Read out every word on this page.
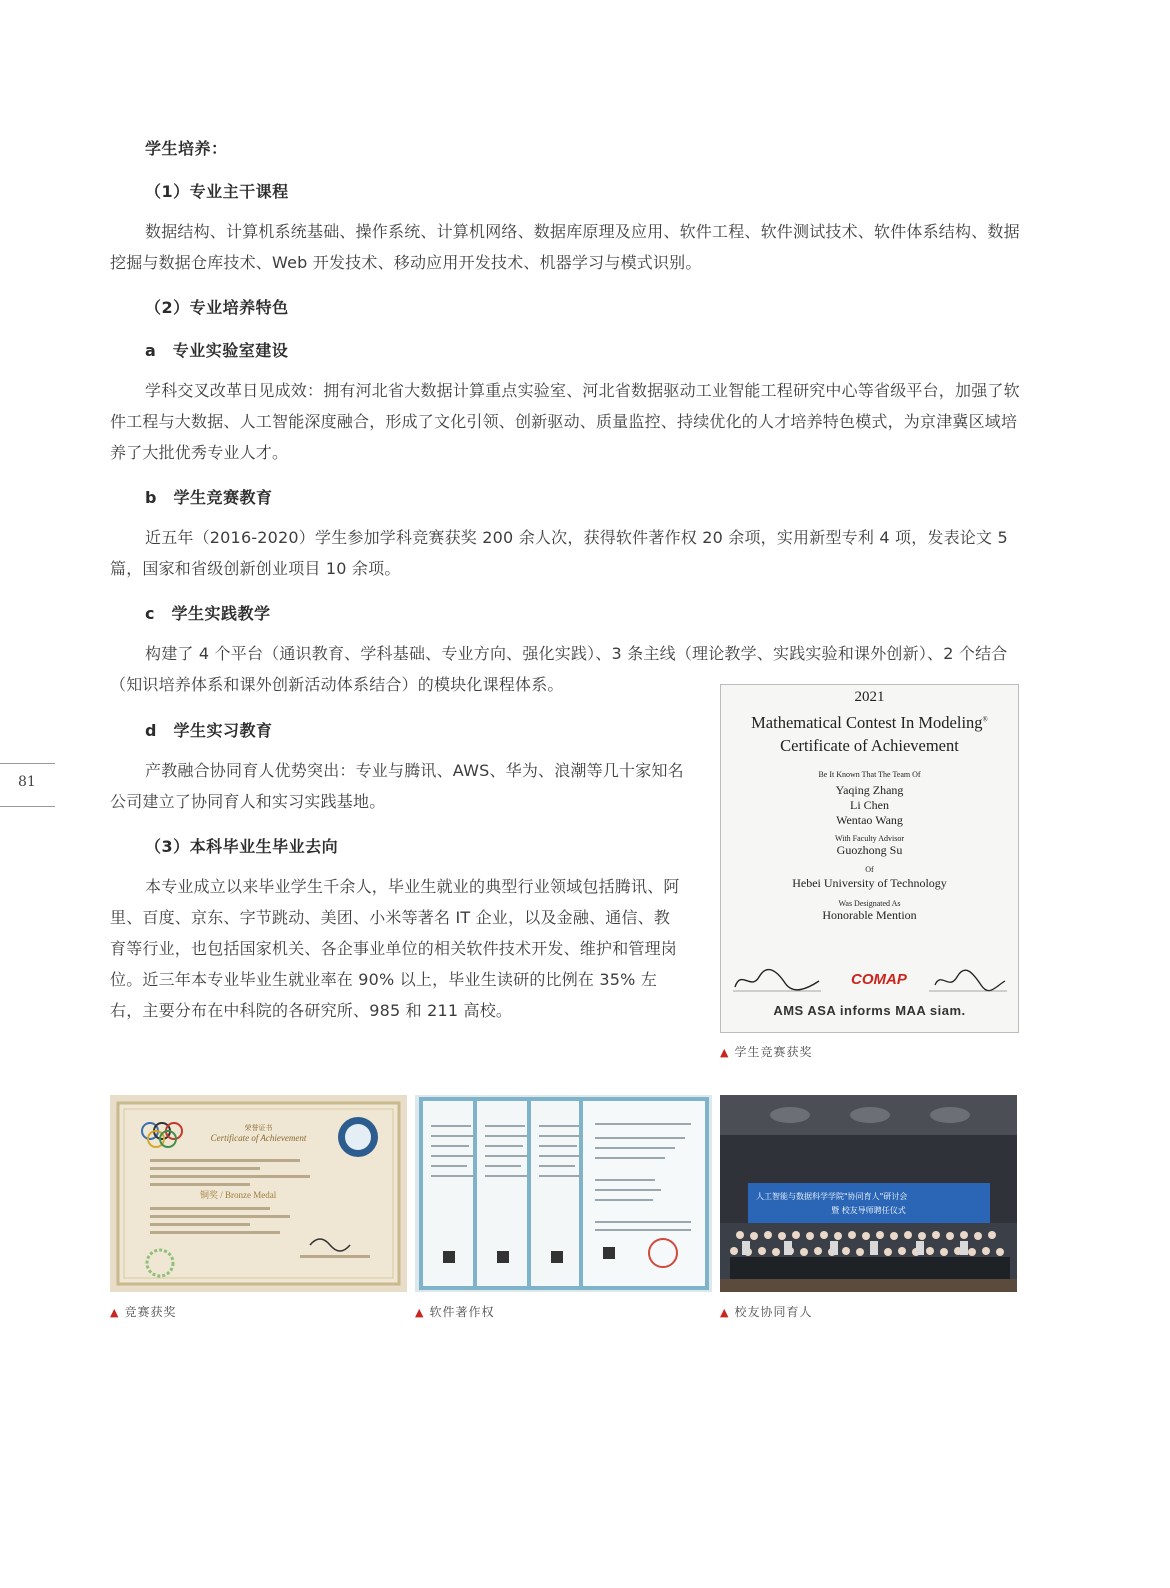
81
学生培养：
（1）专业主干课程
数据结构、计算机系统基础、操作系统、计算机网络、数据库原理及应用、软件工程、软件测试技术、软件体系结构、数据挖掘与数据仓库技术、Web 开发技术、移动应用开发技术、机器学习与模式识别。
（2）专业培养特色
a　专业实验室建设
学科交叉改革日见成效：拥有河北省大数据计算重点实验室、河北省数据驱动工业智能工程研究中心等省级平台，加强了软件工程与大数据、人工智能深度融合，形成了文化引领、创新驱动、质量监控、持续优化的人才培养特色模式，为京津冀区域培养了大批优秀专业人才。
b　学生竞赛教育
近五年（2016-2020）学生参加学科竞赛获奖 200 余人次，获得软件著作权 20 余项，实用新型专利 4 项，发表论文 5 篇，国家和省级创新创业项目 10 余项。
c　学生实践教学
构建了 4 个平台（通识教育、学科基础、专业方向、强化实践）、3 条主线（理论教学、实践实验和课外创新）、2 个结合（知识培养体系和课外创新活动体系结合）的模块化课程体系。
d　学生实习教育
产教融合协同育人优势突出：专业与腾讯、AWS、华为、浪潮等几十家知名公司建立了协同育人和实习实践基地。
（3）本科毕业生毕业去向
本专业成立以来毕业学生千余人，毕业生就业的典型行业领域包括腾讯、阿里、百度、京东、字节跳动、美团、小米等著名 IT 企业，以及金融、通信、教育等行业，也包括国家机关、各企事业单位的相关软件技术开发、维护和管理岗位。近三年本专业毕业生就业率在 90% 以上，毕业生读研的比例在 35% 左右，主要分布在中科院的各研究所、985 和 211 高校。
2021
Mathematical Contest In Modeling®
Certificate of Achievement
Be It Known That The Team Of
Yaqing Zhang
Li Chen
Wentao Wang
With Faculty Advisor
Guozhong Su
Of
Hebei University of Technology
Was Designated As
Honorable Mention
COMAP
AMS ASA informs MAA siam.
▲ 学生竞赛获奖
荣誉证书
Certificate of Achievement
铜奖 / Bronze Medal
▲ 竞赛获奖	▲ 软件著作权
人工智能与数据科学学院"协同育人"研讨会
暨 校友导师聘任仪式
▲ 校友协同育人
